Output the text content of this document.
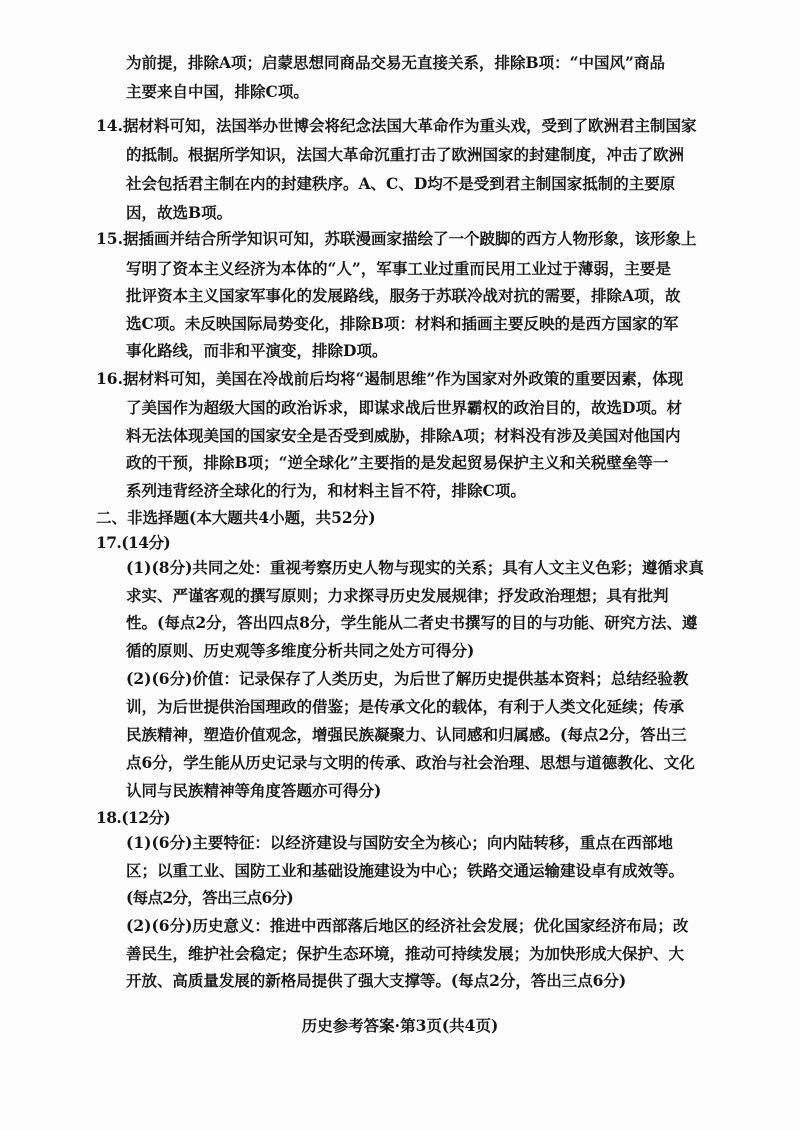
为前提，排除A项；启蒙思想同商品交易无直接关系，排除B项：“中国风”商品
主要来自中国，排除C项。
14.据材料可知，法国举办世博会将纪念法国大革命作为重头戏，受到了欧洲君主制国家
的抵制。根据所学知识，法国大革命沉重打击了欧洲国家的封建制度，冲击了欧洲
社会包括君主制在内的封建秩序。A、C、D均不是受到君主制国家抵制的主要原
因，故选B项。
15.据插画并结合所学知识可知，苏联漫画家描绘了一个跛脚的西方人物形象，该形象上
写明了资本主义经济为本体的“人”，军事工业过重而民用工业过于薄弱，主要是
批评资本主义国家军事化的发展路线，服务于苏联冷战对抗的需要，排除A项，故
选C项。未反映国际局势变化，排除B项：材料和插画主要反映的是西方国家的军
事化路线，而非和平演变，排除D项。
16.据材料可知，美国在冷战前后均将“遏制思维”作为国家对外政策的重要因素，体现
了美国作为超级大国的政治诉求，即谋求战后世界霸权的政治目的，故选D项。材
料无法体现美国的国家安全是否受到威胁，排除A项；材料没有涉及美国对他国内
政的干预，排除B项；“逆全球化”主要指的是发起贸易保护主义和关税壁垒等一
系列违背经济全球化的行为，和材料主旨不符，排除C项。
二、非选择题(本大题共4小题，共52分)
17.(14分)
(1)(8分)共同之处：重视考察历史人物与现实的关系；具有人文主义色彩；遵循求真
求实、严谨客观的撰写原则；力求探寻历史发展规律；抒发政治理想；具有批判
性。(每点2分，答出四点8分，学生能从二者史书撰写的目的与功能、研究方法、遵
循的原则、历史观等多维度分析共同之处方可得分)
(2)(6分)价值：记录保存了人类历史，为后世了解历史提供基本资料；总结经验教
训，为后世提供治国理政的借鉴；是传承文化的载体，有利于人类文化延续；传承
民族精神，塑造价值观念，增强民族凝聚力、认同感和归属感。(每点2分，答出三
点6分，学生能从历史记录与文明的传承、政治与社会治理、思想与道德教化、文化
认同与民族精神等角度答题亦可得分)
18.(12分)
(1)(6分)主要特征：以经济建设与国防安全为核心；向内陆转移，重点在西部地
区；以重工业、国防工业和基础设施建设为中心；铁路交通运输建设卓有成效等。
(每点2分，答出三点6分)
(2)(6分)历史意义：推进中西部落后地区的经济社会发展；优化国家经济布局；改
善民生，维护社会稳定；保护生态环境，推动可持续发展；为加快形成大保护、大
开放、高质量发展的新格局提供了强大支撑等。(每点2分，答出三点6分)
历史参考答案·第3页(共4页)
